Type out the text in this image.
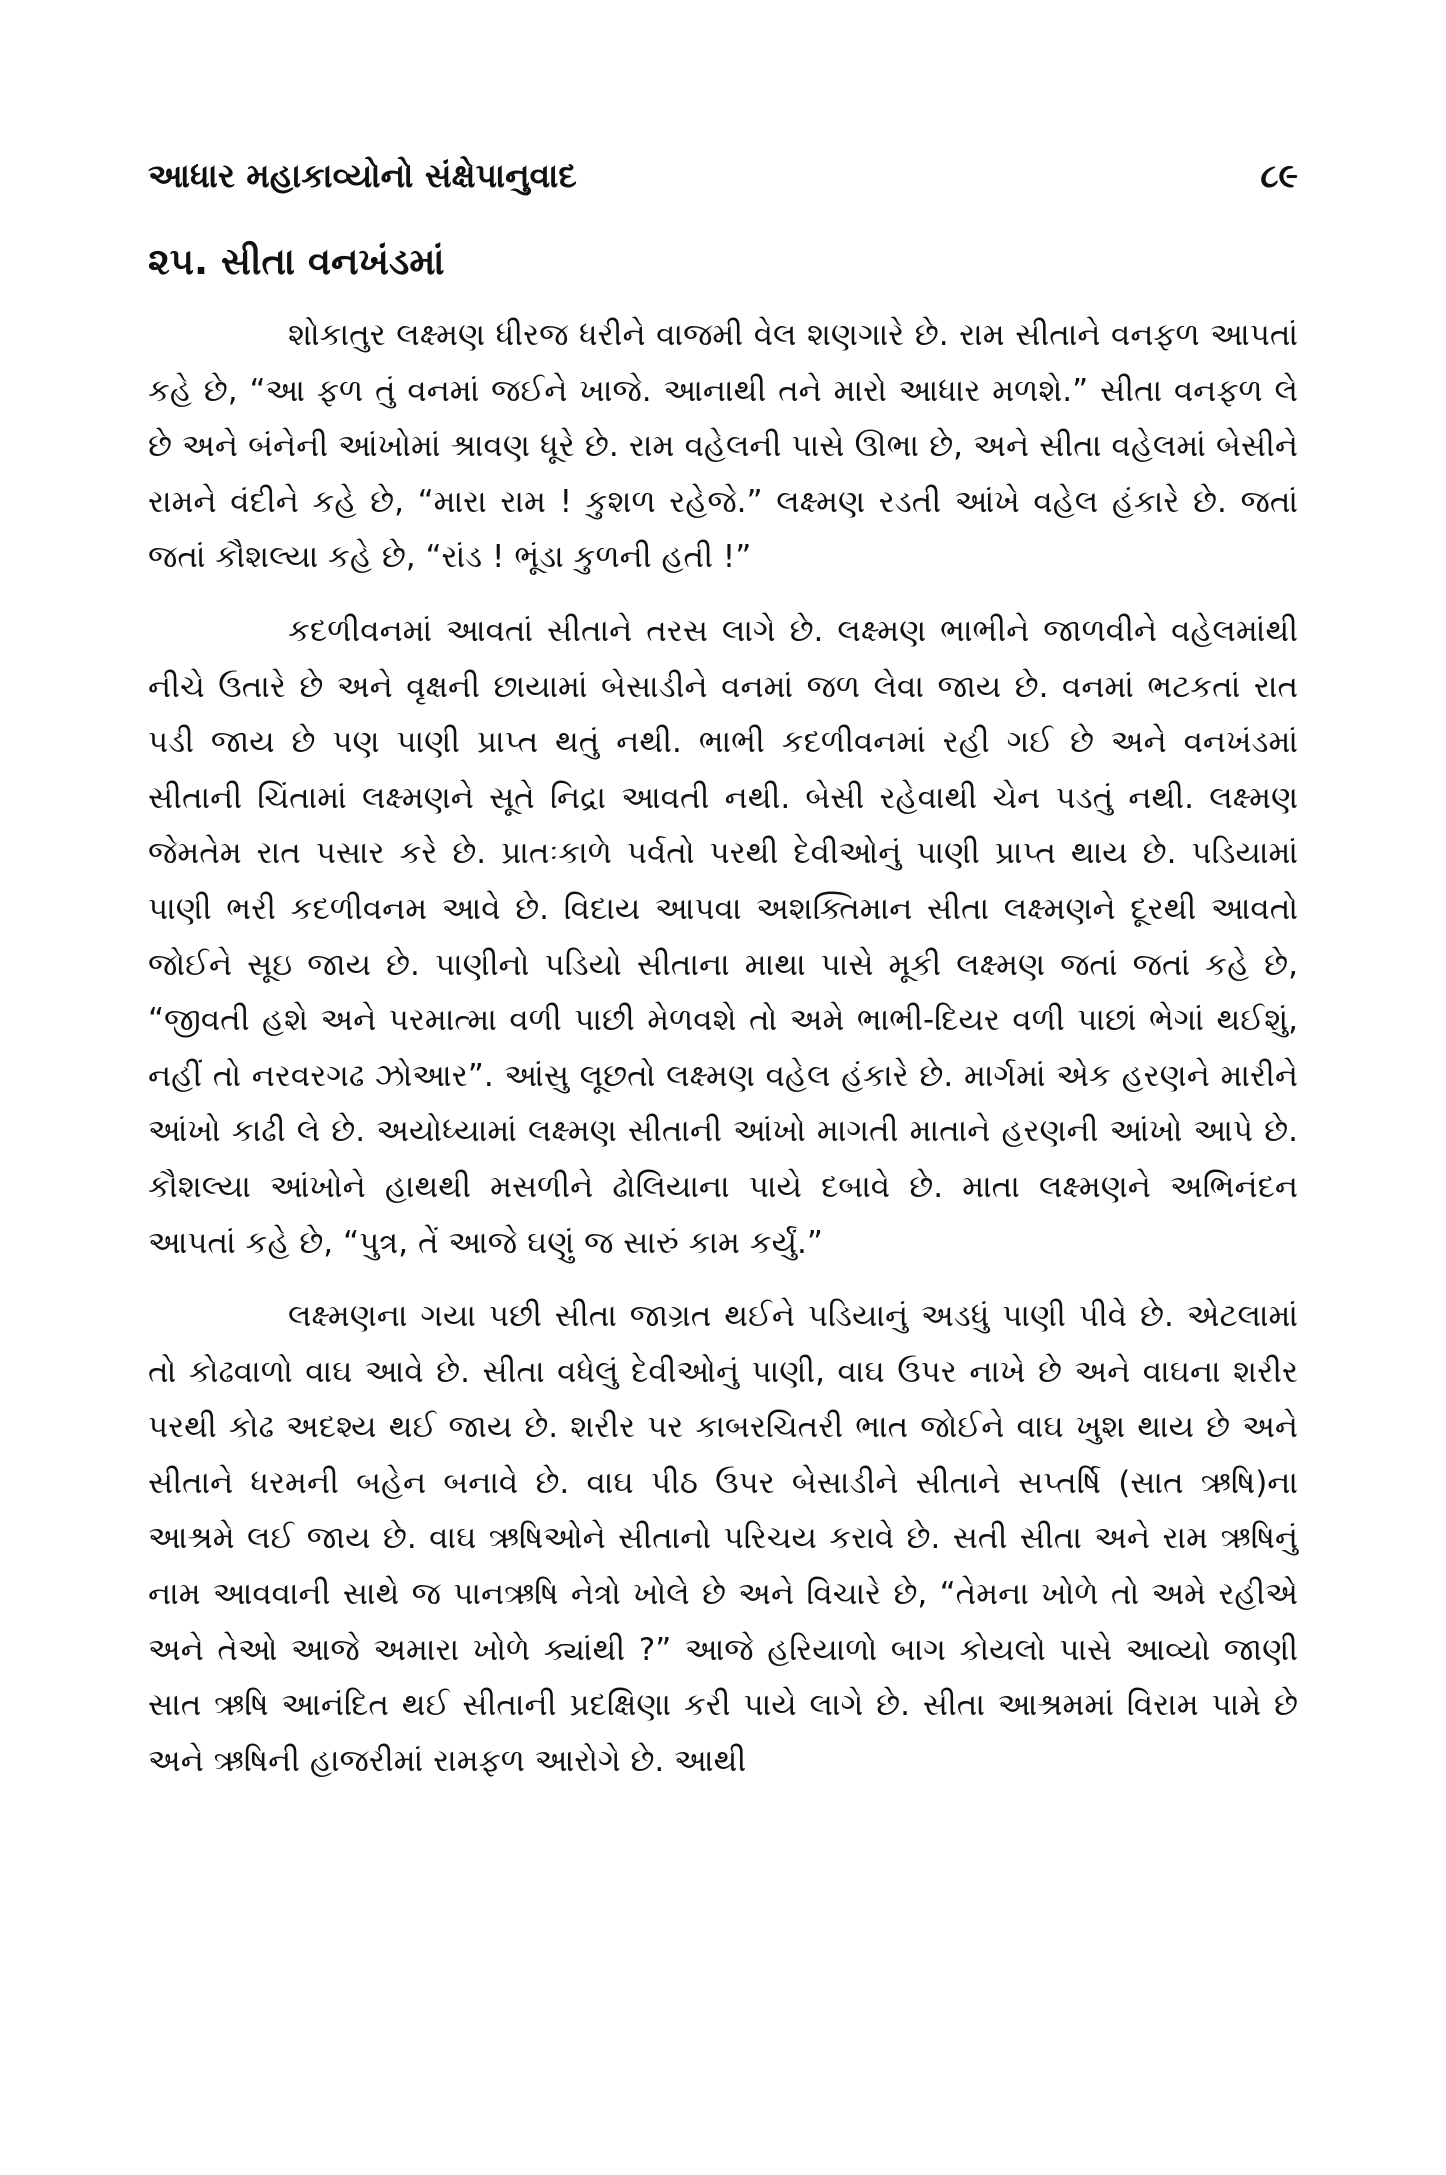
આધાર મહાકાવ્યોનો સંક્ષેપાનુવાદ	૮૯
૨૫. સીતા વનખંડમાં

શોકાતુર લક્ષ્મણ ધીરજ ધરીને વાજમી વેલ શણગારે છે. રામ સીતાને વનફળ આપતાં કહે છે, “આ ફળ તું વનમાં જઈને ખાજે. આનાથી તને મારો આધાર મળશે.” સીતા વનફળ લે છે અને બંનેની આંખોમાં શ્રાવણ ધૂરે છે. રામ વહેલની પાસે ઊભા છે, અને સીતા વહેલમાં બેસીને રામને વંદીને કહે છે, “મારા રામ ! કુશળ રહેજે.” લક્ષ્મણ રડતી આંખે વહેલ હંકારે છે. જતાં જતાં કૌશલ્યા કહે છે, “રાંડ ! ભૂંડા કુળની હતી !”

કદળીવનમાં આવતાં સીતાને તરસ લાગે છે. લક્ષ્મણ ભાભીને જાળવીને વહેલમાંથી નીચે ઉતારે છે અને વૃક્ષની છાયામાં બેસાડીને વનમાં જળ લેવા જાય છે. વનમાં ભટકતાં રાત પડી જાય છે પણ પાણી પ્રાપ્ત થતું નથી. ભાભી કદળીવનમાં રહી ગઈ છે અને વનખંડમાં સીતાની ચિંતામાં લક્ષ્મણને સૂતે નિદ્રા આવતી નથી. બેસી રહેવાથી ચેન પડતું નથી. લક્ષ્મણ જેમતેમ રાત પસાર કરે છે. પ્રાતઃકાળે પર્વતો પરથી દેવીઓનું પાણી પ્રાપ્ત થાય છે. પડિયામાં પાણી ભરી કદળીવનમ આવે છે. વિદાય આપવા અશક્તિમાન સીતા લક્ષ્મણને દૂરથી આવતો જોઈને સૂઇ જાય છે. પાણીનો પડિયો સીતાના માથા પાસે મૂકી લક્ષ્મણ જતાં જતાં કહે છે, “જીવતી હશે અને પરમાત્મા વળી પાછી મેળવશે તો અમે ભાભી-દિયર વળી પાછાં ભેગાં થઈશું, નહીં તો નરવરગઢ ઝોઆર”. આંસુ લૂછતો લક્ષ્મણ વહેલ હંકારે છે. માર્ગમાં એક હરણને મારીને આંખો કાઢી લે છે. અયોધ્યામાં લક્ષ્મણ સીતાની આંખો માગતી માતાને હરણની આંખો આપે છે. કૌશલ્યા આંખોને હાથથી મસળીને ઢોલિયાના પાયે દબાવે છે. માતા લક્ષ્મણને અભિનંદન આપતાં કહે છે, “પુત્ર, તેં આજે ઘણું જ સારું કામ કર્યું.”

લક્ષ્મણના ગયા પછી સીતા જાગ્રત થઈને પડિયાનું અડધું પાણી પીવે છે. એટલામાં તો કોઢવાળો વાઘ આવે છે. સીતા વધેલું દેવીઓનું પાણી, વાઘ ઉપર નાખે છે અને વાઘના શરીર પરથી કોઢ અદશ્ય થઈ જાય છે. શરીર પર કાબરચિતરી ભાત જોઈને વાઘ ખુશ થાય છે અને સીતાને ધરમની બહેન બનાવે છે. વાઘ પીઠ ઉપર બેસાડીને સીતાને સપ્તર્ષિ (સાત ઋષિ)ના આશ્રમે લઈ જાય છે. વાઘ ઋષિઓને સીતાનો પરિચય કરાવે છે. સતી સીતા અને રામ ઋષિનું નામ આવવાની સાથે જ પાનઋષિ નેત્રો ખોલે છે અને વિચારે છે, “તેમના ખોળે તો અમે રહીએ અને તેઓ આજે અમારા ખોળે ક્યાંથી ?” આજે હરિયાળો બાગ કોયલો પાસે આવ્યો જાણી સાત ઋષિ આનંદિત થઈ સીતાની પ્રદક્ષિણા કરી પાયે લાગે છે. સીતા આશ્રમમાં વિરામ પામે છે અને ઋષિની હાજરીમાં રામફળ આરોગે છે. આથી
